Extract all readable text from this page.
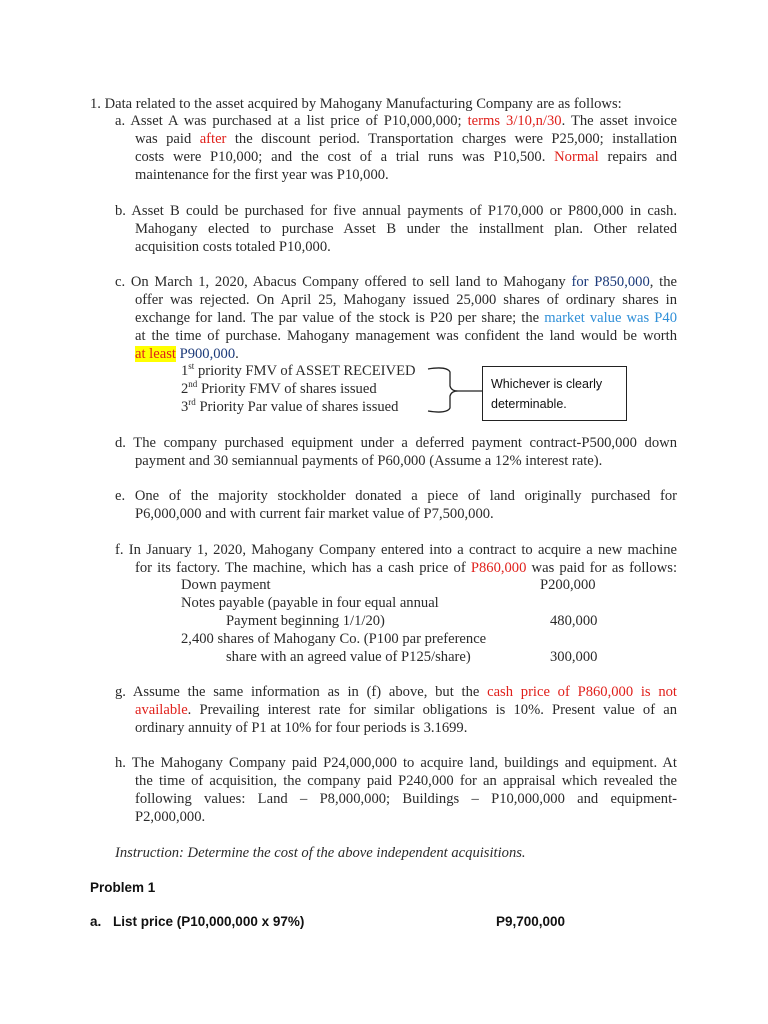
1. Data related to the asset acquired by Mahogany Manufacturing Company are as follows:
a. Asset A was purchased at a list price of P10,000,000; terms 3/10,n/30. The asset invoice
was paid after the discount period. Transportation charges were P25,000; installation
costs were P10,000; and the cost of a trial runs was P10,500. Normal repairs and
maintenance for the first year was P10,000.
b. Asset B could be purchased for five annual payments of P170,000 or P800,000 in cash.
Mahogany elected to purchase Asset B under the installment plan. Other related
acquisition costs totaled P10,000.
c. On March 1, 2020, Abacus Company offered to sell land to Mahogany for P850,000, the
offer was rejected. On April 25, Mahogany issued 25,000 shares of ordinary shares in
exchange for land. The par value of the stock is P20 per share; the market value was P40
at the time of purchase. Mahogany management was confident the land would be worth
at least P900,000.
1st priority FMV of ASSET RECEIVED
2nd Priority FMV of shares issued
3rd Priority Par value of shares issued
Whichever is clearly
determinable.
d. The company purchased equipment under a deferred payment contract-P500,000 down
payment and 30 semiannual payments of P60,000 (Assume a 12% interest rate).
e. One of the majority stockholder donated a piece of land originally purchased for
P6,000,000 and with current fair market value of P7,500,000.
f. In January 1, 2020, Mahogany Company entered into a contract to acquire a new machine
for its factory. The machine, which has a cash price of P860,000 was paid for as follows:
Down payment	P200,000
Notes payable (payable in four equal annual
Payment beginning 1/1/20)	480,000
2,400 shares of Mahogany Co. (P100 par preference
share with an agreed value of P125/share)	300,000
g. Assume the same information as in (f) above, but the cash price of P860,000 is not
available. Prevailing interest rate for similar obligations is 10%. Present value of an
ordinary annuity of P1 at 10% for four periods is 3.1699.
h. The Mahogany Company paid P24,000,000 to acquire land, buildings and equipment. At
the time of acquisition, the company paid P240,000 for an appraisal which revealed the
following values: Land – P8,000,000; Buildings – P10,000,000 and equipment-
P2,000,000.
Instruction: Determine the cost of the above independent acquisitions.
Problem 1
a. List price (P10,000,000 x 97%)	P9,700,000
